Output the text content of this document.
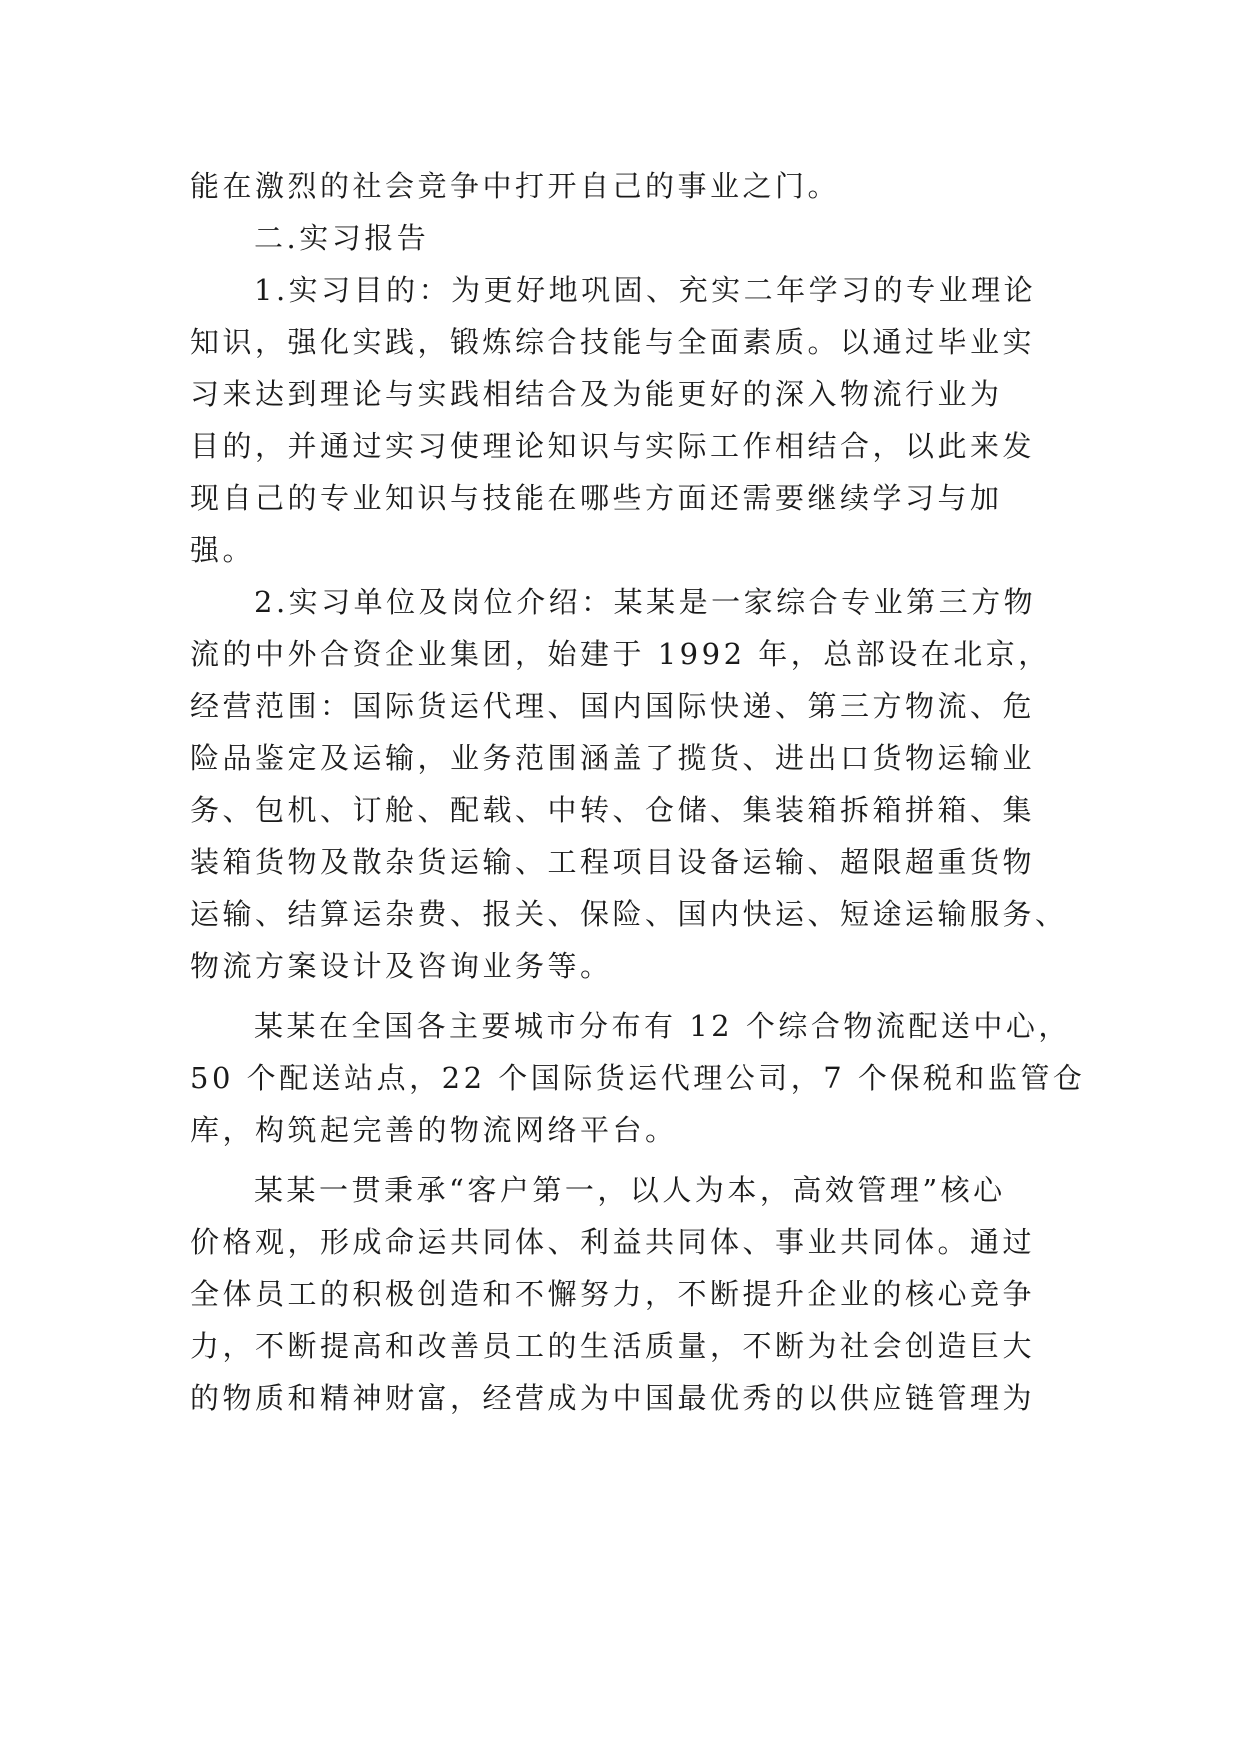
能在激烈的社会竞争中打开自己的事业之门。
二.实习报告
1.实习目的：为更好地巩固、充实二年学习的专业理论
知识，强化实践，锻炼综合技能与全面素质。以通过毕业实
习来达到理论与实践相结合及为能更好的深入物流行业为
目的，并通过实习使理论知识与实际工作相结合，以此来发
现自己的专业知识与技能在哪些方面还需要继续学习与加
强。
2.实习单位及岗位介绍：某某是一家综合专业第三方物
流的中外合资企业集团，始建于 1992 年，总部设在北京，
经营范围：国际货运代理、国内国际快递、第三方物流、危
险品鉴定及运输，业务范围涵盖了揽货、进出口货物运输业
务、包机、订舱、配载、中转、仓储、集装箱拆箱拼箱、集
装箱货物及散杂货运输、工程项目设备运输、超限超重货物
运输、结算运杂费、报关、保险、国内快运、短途运输服务、
物流方案设计及咨询业务等。
某某在全国各主要城市分布有 12 个综合物流配送中心，
50 个配送站点，22 个国际货运代理公司，7 个保税和监管仓
库，构筑起完善的物流网络平台。
某某一贯秉承“客户第一，以人为本，高效管理”核心
价格观，形成命运共同体、利益共同体、事业共同体。通过
全体员工的积极创造和不懈努力，不断提升企业的核心竞争
力，不断提高和改善员工的生活质量，不断为社会创造巨大
的物质和精神财富，经营成为中国最优秀的以供应链管理为
